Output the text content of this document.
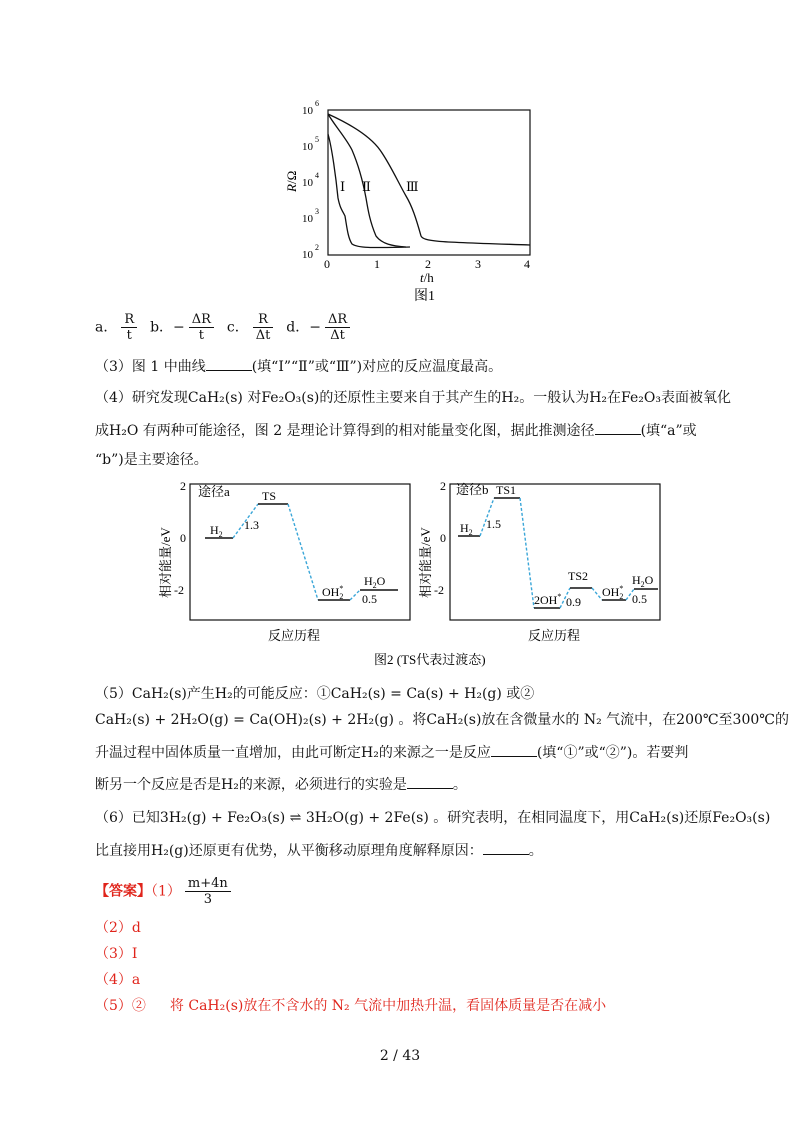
10
2
10
3
10
4
10
5
10
6
R/Ω
0	1	2	3	4
t/h
Ⅰ Ⅱ	Ⅲ
图1
a． $\frac{R}{t}$ b．− $\frac{\Delta R}{t}$ c． $\frac{R}{\Delta t}$ d．− $\frac{\Delta R}{\Delta t}$
（3）图 1 中曲线	(填“Ⅰ”“Ⅱ”或“Ⅲ”)对应的反应温度最高。
（4）研究发现CaH₂(s) 对Fe₂O₃(s)的还原性主要来自于其产生的H₂。一般认为H₂在Fe₂O₃表面被氧化
成H₂O 有两种可能途径，图 2 是理论计算得到的相对能量变化图，据此推测途径	(填“a”或
“b”)是主要途径。
2
0
-2
相对能量/eV
途径a
$H_2$
1.3
TS
OH* 2
$H_2O$
0.5
反应历程
2
0
-2
相对能量/eV
途径b
$H_2$
1.5
TS1
2OH*
TS2
0.9
OH* 2
$H_2O$
0.5
反应历程
图2 (TS代表过渡态)
（5）CaH₂(s)产生H₂的可能反应：①CaH₂(s) = Ca(s) + H₂(g) 或②
CaH₂(s) + 2H₂O(g) = Ca(OH)₂(s) + 2H₂(g) 。将CaH₂(s)放在含微量水的 N₂ 气流中，在200℃至300℃的
升温过程中固体质量一直增加，由此可断定H₂的来源之一是反应	(填“①”或“②”)。若要判
断另一个反应是否是H₂的来源，必须进行的实验是	。
（6）已知3H₂(g) + Fe₂O₃(s) ⇌ 3H₂O(g) + 2Fe(s) 。研究表明，在相同温度下，用CaH₂(s)还原Fe₂O₃(s)
比直接用H₂(g)还原更有优势，从平衡移动原理角度解释原因：	。
【答案】$(1) \frac{m+4n}{3}$
（2）d
（3）Ⅰ
（4）a
（5）② 将 CaH₂(s)放在不含水的 N₂ 气流中加热升温，看固体质量是否在减小
2 / 43
